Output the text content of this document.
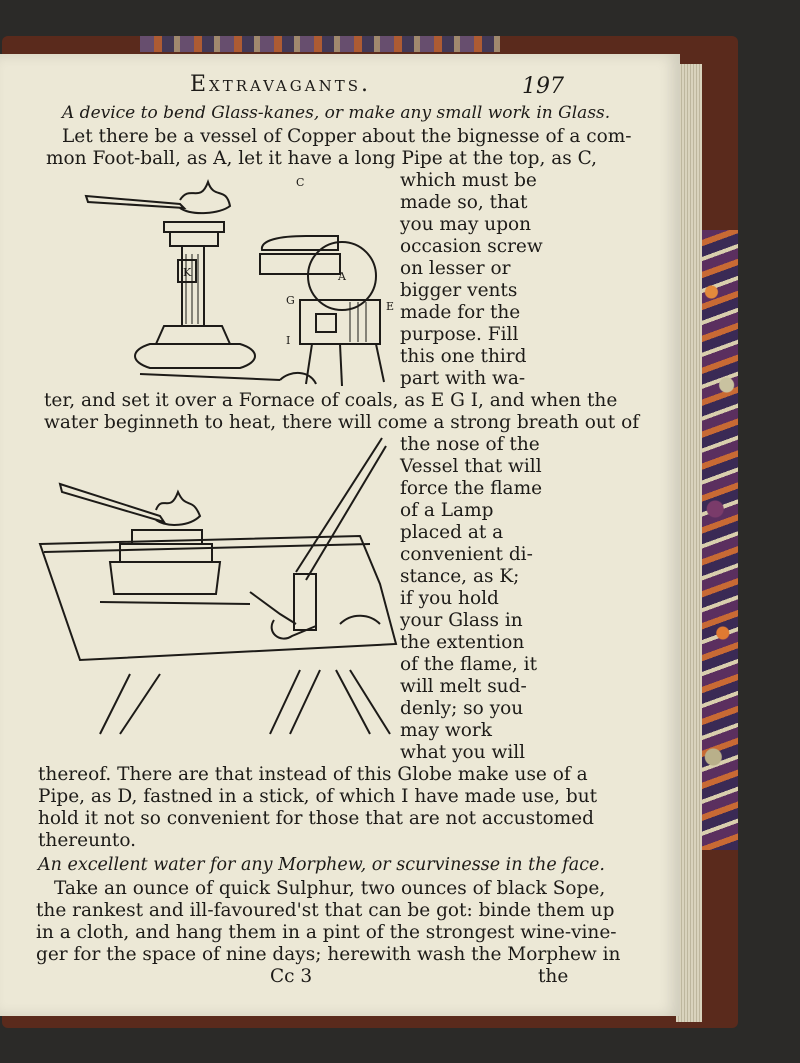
Extravagants.	197
A device to bend Glass-kanes, or make any small work in Glass.
Let there be a vessel of Copper about the bignesse of a com-
mon Foot-ball, as A, let it have a long Pipe at the top, as C,
which must be
made so, that
you may upon
occasion screw
on lesser or
bigger vents
made for the
purpose. Fill
this one third
part with wa-
ter, and set it over a Fornace of coals, as E G I, and when the
water beginneth to heat, there will come a strong breath out of
the nose of the
Vessel that will
force the flame
of a Lamp
placed at a
convenient di-
stance, as K;
if you hold
your Glass in
the extention
of the flame, it
will melt sud-
denly; so you
may work
what you will
thereof. There are that instead of this Globe make use of a
Pipe, as D, fastned in a stick, of which I have made use, but
hold it not so convenient for those that are not accustomed
thereunto.
An excellent water for any Morphew, or scurvinesse in the face.
Take an ounce of quick Sulphur, two ounces of black Sope,
the rankest and ill-favoured'st that can be got: binde them up
in a cloth, and hang them in a pint of the strongest wine-vine-
ger for the space of nine days; herewith wash the Morphew in
Cc 3	the
C
A
G	E
K
I
